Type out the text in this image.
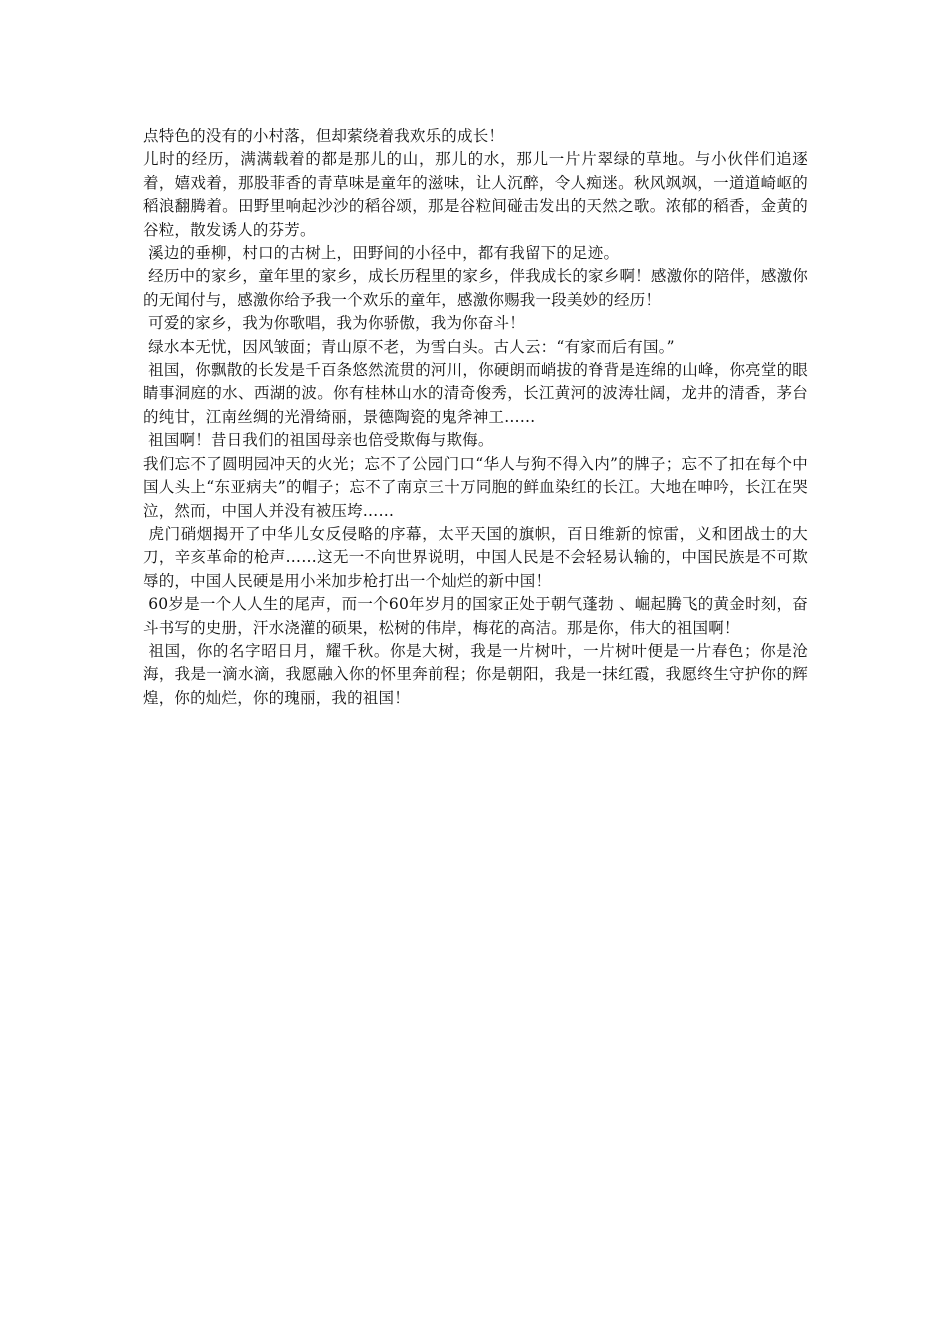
点特色的没有的小村落，但却萦绕着我欢乐的成长！

儿时的经历，满满载着的都是那儿的山，那儿的水，那儿一片片翠绿的草地。与小伙伴们追逐着，嬉戏着，那股菲香的青草味是童年的滋味，让人沉醉，令人痴迷。秋风飒飒，一道道崎岖的稻浪翻腾着。田野里响起沙沙的稻谷颂，那是谷粒间碰击发出的天然之歌。浓郁的稻香，金黄的谷粒，散发诱人的芬芳。

溪边的垂柳，村口的古树上，田野间的小径中，都有我留下的足迹。

经历中的家乡，童年里的家乡，成长历程里的家乡，伴我成长的家乡啊！感激你的陪伴，感激你的无闻付与，感激你给予我一个欢乐的童年，感激你赐我一段美妙的经历！

可爱的家乡，我为你歌唱，我为你骄傲，我为你奋斗！

绿水本无忧，因风皱面；青山原不老，为雪白头。古人云：“有家而后有国。”

祖国，你飘散的长发是千百条悠然流贯的河川，你硬朗而峭拔的脊背是连绵的山峰，你亮堂的眼睛事洞庭的水、西湖的波。你有桂林山水的清奇俊秀，长江黄河的波涛壮阔，龙井的清香，茅台的纯甘，江南丝绸的光滑绮丽，景德陶瓷的鬼斧神工……

祖国啊！昔日我们的祖国母亲也倍受欺侮与欺侮。

我们忘不了圆明园冲天的火光；忘不了公园门口“华人与狗不得入内”的牌子；忘不了扣在每个中国人头上“东亚病夫”的帽子；忘不了南京三十万同胞的鲜血染红的长江。大地在呻吟，长江在哭泣，然而，中国人并没有被压垮……

虎门硝烟揭开了中华儿女反侵略的序幕，太平天国的旗帜，百日维新的惊雷，义和团战士的大刀，辛亥革命的枪声……这无一不向世界说明，中国人民是不会轻易认输的，中国民族是不可欺辱的，中国人民硬是用小米加步枪打出一个灿烂的新中国！

60岁是一个人人生的尾声，而一个60年岁月的国家正处于朝气蓬勃 、崛起腾飞的黄金时刻，奋斗书写的史册，汗水浇灌的硕果，松树的伟岸，梅花的高洁。那是你，伟大的祖国啊！

祖国，你的名字昭日月，耀千秋。你是大树，我是一片树叶，一片树叶便是一片春色；你是沧海，我是一滴水滴，我愿融入你的怀里奔前程；你是朝阳，我是一抹红霞，我愿终生守护你的辉煌，你的灿烂，你的瑰丽，我的祖国！
